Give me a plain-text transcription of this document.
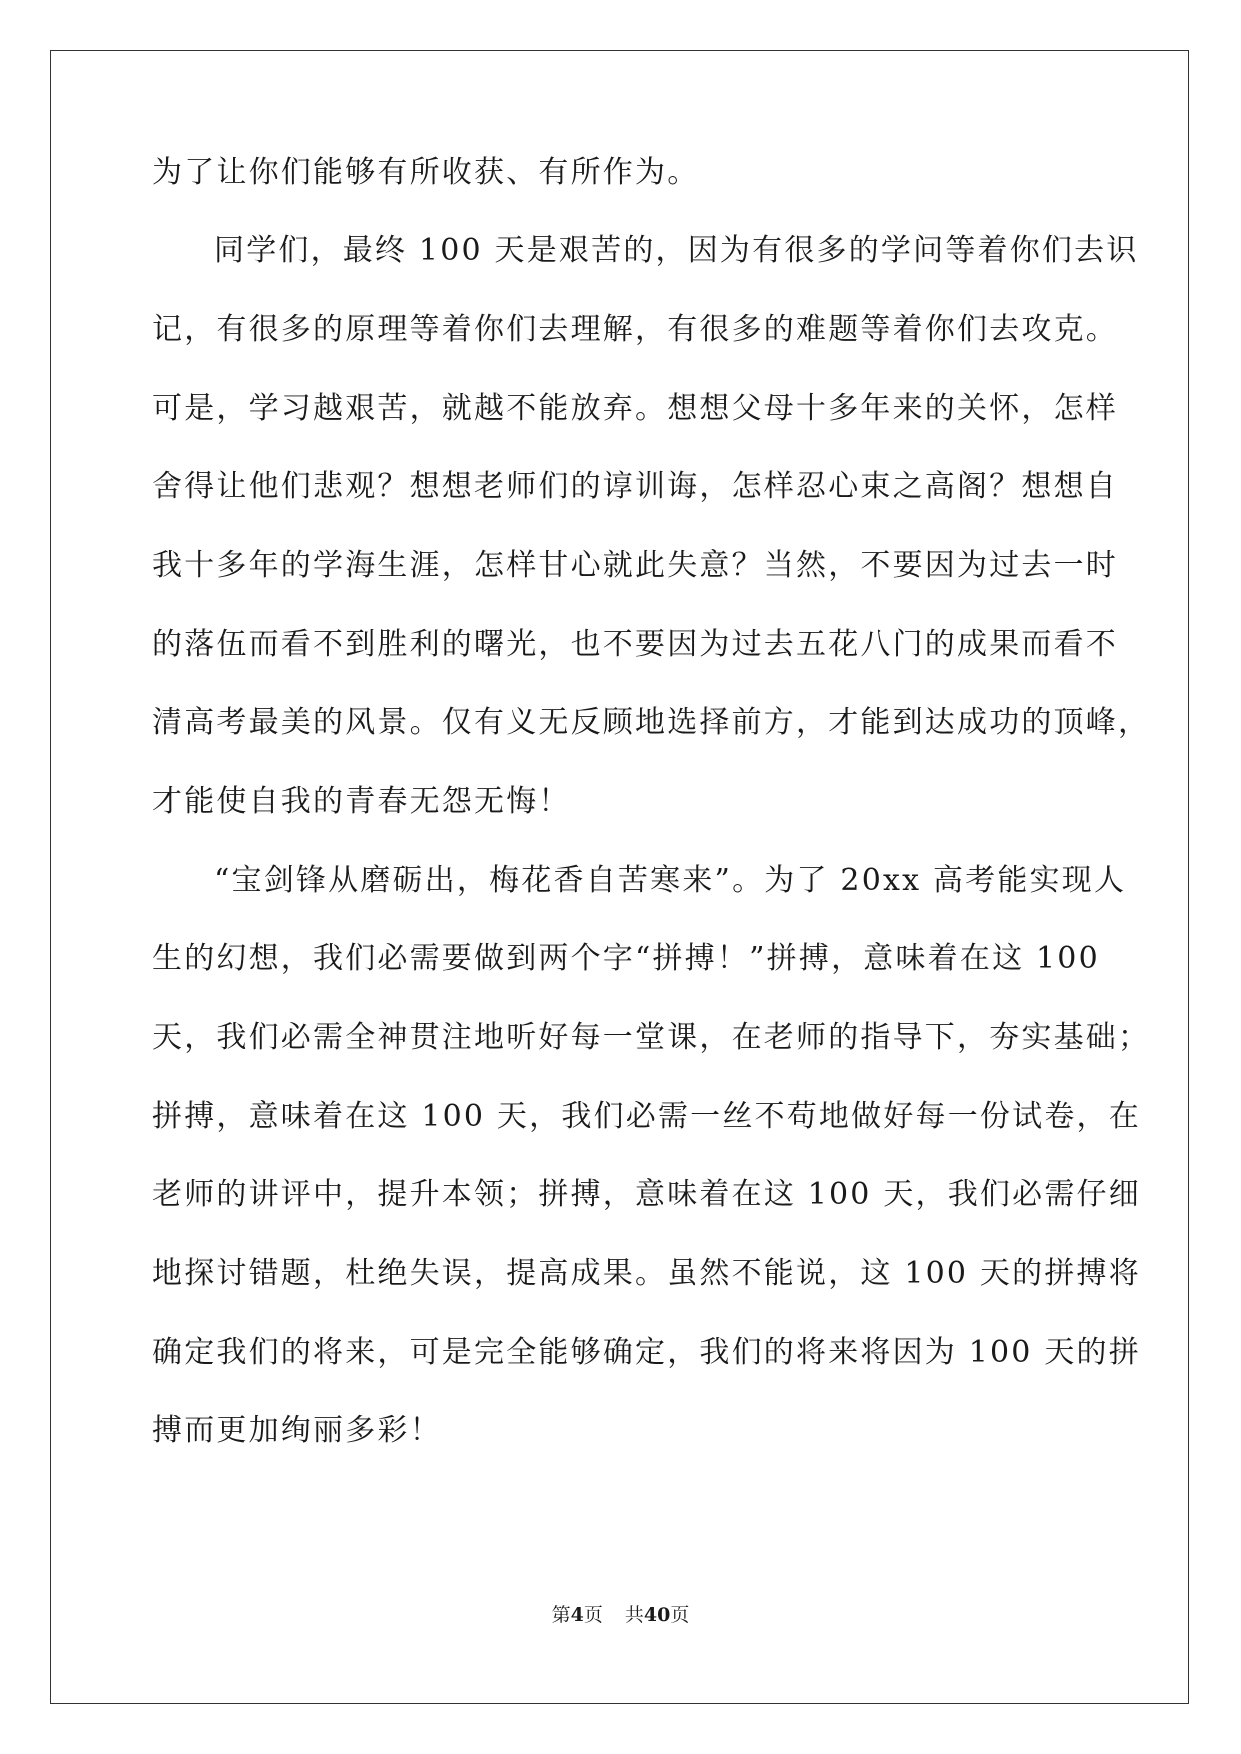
为了让你们能够有所收获、有所作为。

同学们，最终 100 天是艰苦的，因为有很多的学问等着你们去识

记，有很多的原理等着你们去理解，有很多的难题等着你们去攻克。

可是，学习越艰苦，就越不能放弃。想想父母十多年来的关怀，怎样

舍得让他们悲观？想想老师们的谆训诲，怎样忍心束之高阁？想想自

我十多年的学海生涯，怎样甘心就此失意？当然，不要因为过去一时

的落伍而看不到胜利的曙光，也不要因为过去五花八门的成果而看不

清高考最美的风景。仅有义无反顾地选择前方，才能到达成功的顶峰，

才能使自我的青春无怨无悔！

“宝剑锋从磨砺出，梅花香自苦寒来”。为了 20xx 高考能实现人

生的幻想，我们必需要做到两个字“拼搏！”拼搏，意味着在这 100

天，我们必需全神贯注地听好每一堂课，在老师的指导下，夯实基础；

拼搏，意味着在这 100 天，我们必需一丝不苟地做好每一份试卷，在

老师的讲评中，提升本领；拼搏，意味着在这 100 天，我们必需仔细

地探讨错题，杜绝失误，提高成果。虽然不能说，这 100 天的拼搏将

确定我们的将来，可是完全能够确定，我们的将来将因为 100 天的拼

搏而更加绚丽多彩！

第4页 共40页
